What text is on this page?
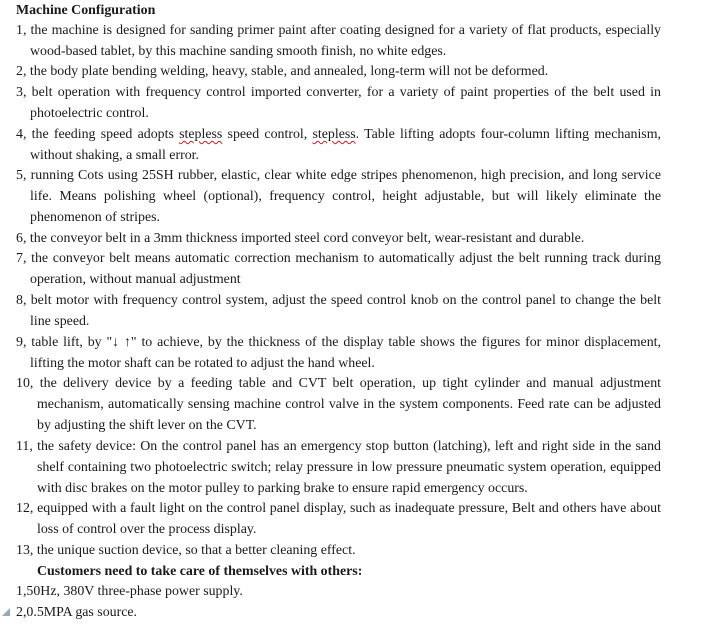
Machine Configuration
1, the machine is designed for sanding primer paint after coating designed for a variety of flat products, especially wood-based tablet, by this machine sanding smooth finish, no white edges.
2, the body plate bending welding, heavy, stable, and annealed, long-term will not be deformed.
3, belt operation with frequency control imported converter, for a variety of paint properties of the belt used in photoelectric control.
4, the feeding speed adopts stepless speed control, stepless. Table lifting adopts four-column lifting mechanism, without shaking, a small error.
5, running Cots using 25SH rubber, elastic, clear white edge stripes phenomenon, high precision, and long service life. Means polishing wheel (optional), frequency control, height adjustable, but will likely eliminate the phenomenon of stripes.
6, the conveyor belt in a 3mm thickness imported steel cord conveyor belt, wear-resistant and durable.
7, the conveyor belt means automatic correction mechanism to automatically adjust the belt running track during operation, without manual adjustment
8, belt motor with frequency control system, adjust the speed control knob on the control panel to change the belt line speed.
9, table lift, by "↓ ↑" to achieve, by the thickness of the display table shows the figures for minor displacement, lifting the motor shaft can be rotated to adjust the hand wheel.
10, the delivery device by a feeding table and CVT belt operation, up tight cylinder and manual adjustment mechanism, automatically sensing machine control valve in the system components. Feed rate can be adjusted by adjusting the shift lever on the CVT.
11, the safety device: On the control panel has an emergency stop button (latching), left and right side in the sand shelf containing two photoelectric switch; relay pressure in low pressure pneumatic system operation, equipped with disc brakes on the motor pulley to parking brake to ensure rapid emergency occurs.
12, equipped with a fault light on the control panel display, such as inadequate pressure, Belt and others have about loss of control over the process display.
13, the unique suction device, so that a better cleaning effect.
Customers need to take care of themselves with others:
1,50Hz, 380V three-phase power supply.
2,0.5MPA gas source.
